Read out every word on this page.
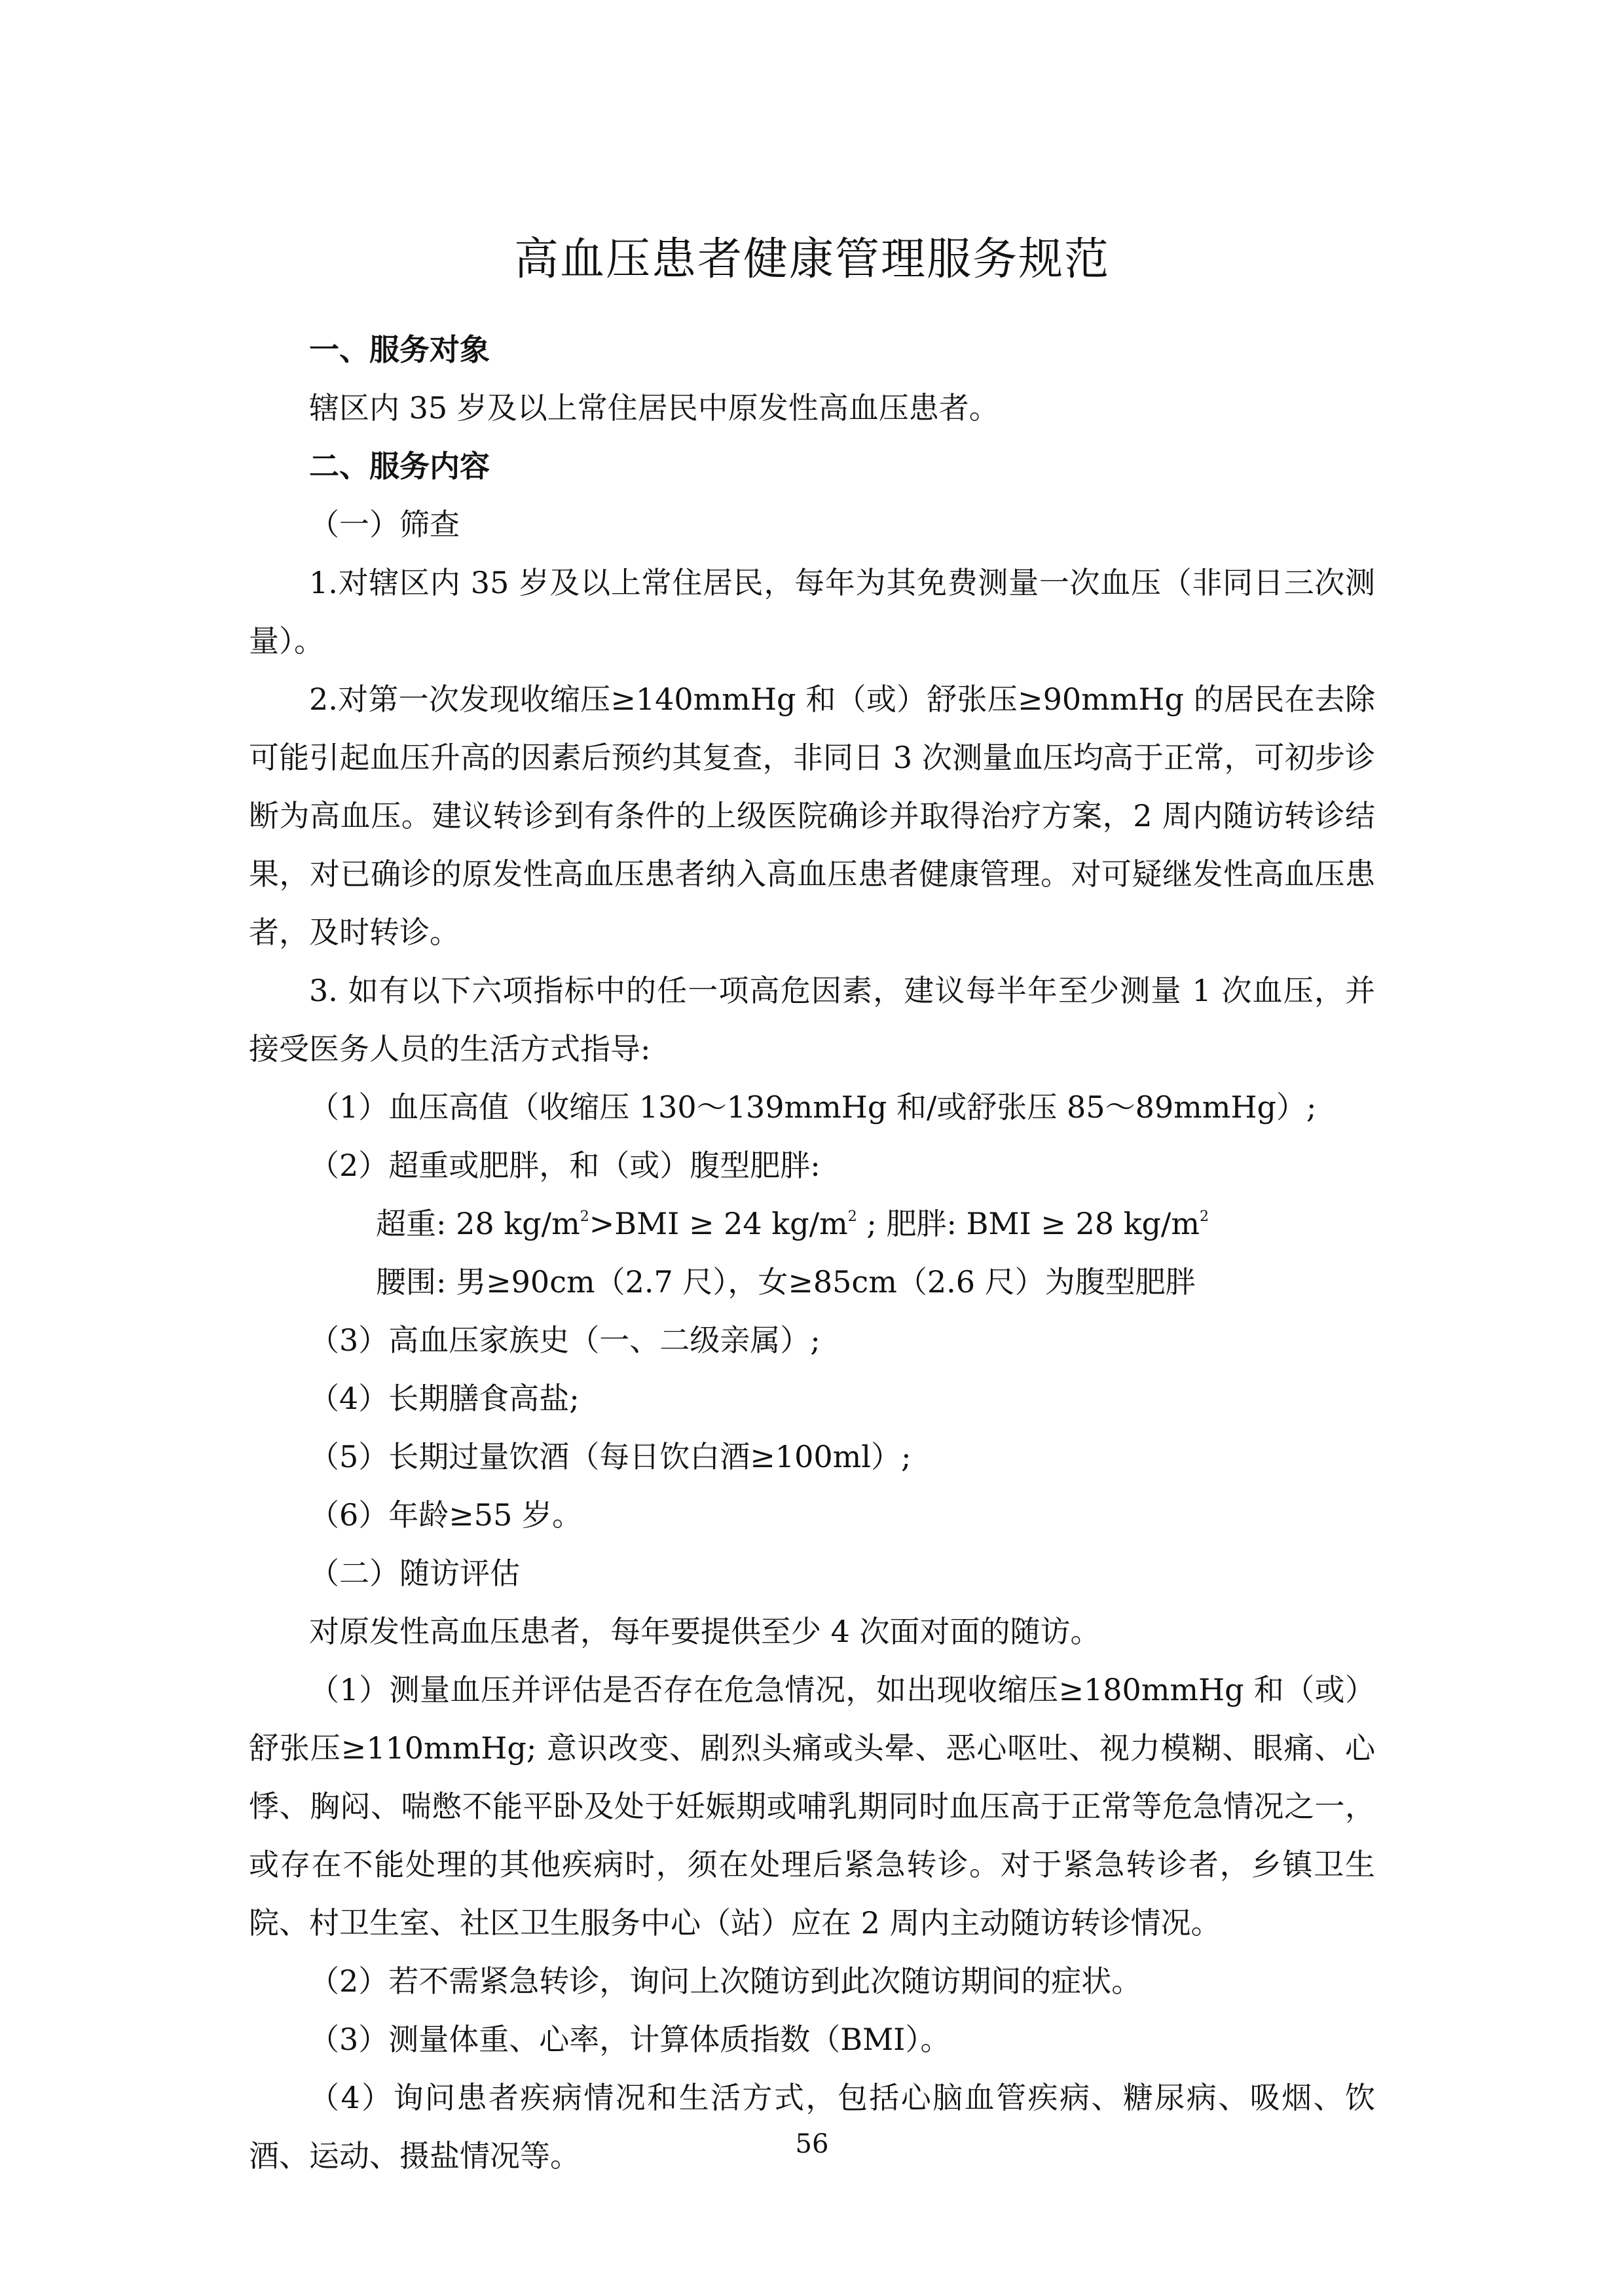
高血压患者健康管理服务规范

一、服务对象

辖区内 35 岁及以上常住居民中原发性高血压患者。

二、服务内容

（一）筛查

1.对辖区内 35 岁及以上常住居民，每年为其免费测量一次血压（非同日三次测量）。

2.对第一次发现收缩压≥140mmHg 和（或）舒张压≥90mmHg 的居民在去除可能引起血压升高的因素后预约其复查，非同日 3 次测量血压均高于正常，可初步诊断为高血压。建议转诊到有条件的上级医院确诊并取得治疗方案，2 周内随访转诊结果，对已确诊的原发性高血压患者纳入高血压患者健康管理。对可疑继发性高血压患者，及时转诊。

3. 如有以下六项指标中的任一项高危因素，建议每半年至少测量 1 次血压，并接受医务人员的生活方式指导:

（1）血压高值（收缩压 130～139mmHg 和/或舒张压 85～89mmHg）;

（2）超重或肥胖，和（或）腹型肥胖:

超重: 28 $kg/m^2>BMI \ge 24$ $kg/m^2$ ; 肥胖: BMI ≥ 28 $kg/m^2$

腰围: 男≥90cm（2.7 尺），女≥85cm（2.6 尺）为腹型肥胖

（3）高血压家族史（一、二级亲属）;

（4）长期膳食高盐;

（5）长期过量饮酒（每日饮白酒≥100ml）;

（6）年龄≥55 岁。

（二）随访评估

对原发性高血压患者，每年要提供至少 4 次面对面的随访。

（1）测量血压并评估是否存在危急情况，如出现收缩压≥180mmHg 和（或）舒张压≥110mmHg; 意识改变、剧烈头痛或头晕、恶心呕吐、视力模糊、眼痛、心悸、胸闷、喘憋不能平卧及处于妊娠期或哺乳期同时血压高于正常等危急情况之一，或存在不能处理的其他疾病时，须在处理后紧急转诊。对于紧急转诊者，乡镇卫生院、村卫生室、社区卫生服务中心（站）应在 2 周内主动随访转诊情况。

（2）若不需紧急转诊，询问上次随访到此次随访期间的症状。

（3）测量体重、心率，计算体质指数（BMI）。

（4）询问患者疾病情况和生活方式，包括心脑血管疾病、糖尿病、吸烟、饮酒、运动、摄盐情况等。	56
